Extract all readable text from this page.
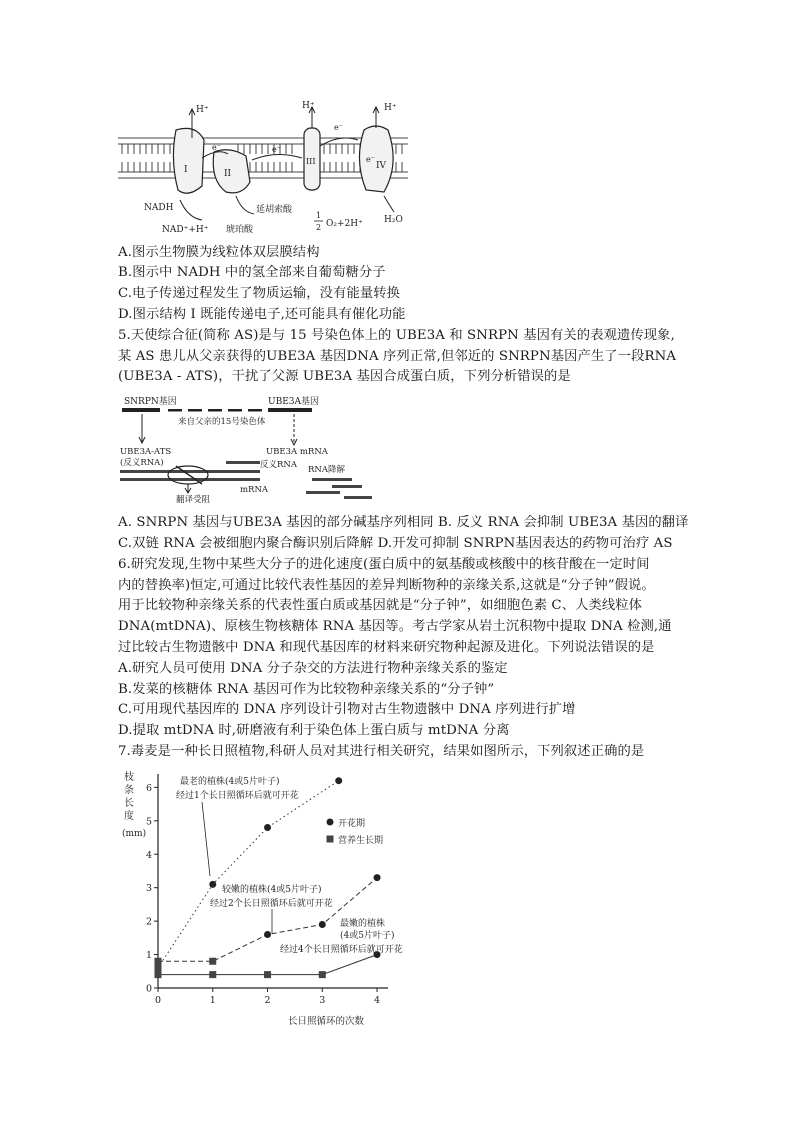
H⁺	H⁺	H⁺
e⁻	e⁻
e⁻
e⁻
I	II
III	IV
NADH
NAD⁺+H⁺
延胡索酸
琥珀酸
1
2 O₂+2H⁺ H₂O
A.图示生物膜为线粒体双层膜结构
B.图示中 NADH 中的氢全部来自葡萄糖分子
C.电子传递过程发生了物质运输，没有能量转换
D.图示结构 I 既能传递电子,还可能具有催化功能
5.天使综合征(简称 AS)是与 15 号染色体上的 UBE3A 和 SNRPN 基因有关的表观遗传现象,
某 AS 患儿从父亲获得的UBE3A 基因DNA 序列正常,但邻近的 SNRPN基因产生了一段RNA
(UBE3A - ATS)，干扰了父源 UBE3A 基因合成蛋白质，下列分析错误的是
SNRPN基因	UBE3A基因
来自父亲的15号染色体
UBE3A-ATS
(反义RNA)	反义RNA
mRNA
翻译受阻
UBE3A mRNA
RNA降解
A. SNRPN 基因与UBE3A 基因的部分碱基序列相同 B. 反义 RNA 会抑制 UBE3A 基因的翻译
C.双链 RNA 会被细胞内聚合酶识别后降解 D.开发可抑制 SNRPN基因表达的药物可治疗 AS
6.研究发现,生物中某些大分子的进化速度(蛋白质中的氨基酸或核酸中的核苷酸在一定时间
内的替换率)恒定,可通过比较代表性基因的差异判断物种的亲缘关系,这就是“分子钟”假说。
用于比较物种亲缘关系的代表性蛋白质或基因就是“分子钟”，如细胞色素 C、人类线粒体
DNA(mtDNA)、原核生物核糖体 RNA 基因等。考古学家从岩土沉积物中提取 DNA 检测,通
过比较古生物遗骸中 DNA 和现代基因库的材料来研究物种起源及进化。下列说法错误的是
A.研究人员可使用 DNA 分子杂交的方法进行物种亲缘关系的鉴定
B.发菜的核糖体 RNA 基因可作为比较物种亲缘关系的“分子钟”
C.可用现代基因库的 DNA 序列设计引物对古生物遗骸中 DNA 序列进行扩增
D.提取 mtDNA 时,研磨液有利于染色体上蛋白质与 mtDNA 分离
7.毒麦是一种长日照植物,科研人员对其进行相关研究，结果如图所示，下列叙述正确的是
枝
条
长
度
(mm)
0	1	2	3	4
0
1
2
3
4
5
6
开花期
营养生长期
最老的植株(4或5片叶子)
经过1个长日照循环后就可开花
较嫩的植株(4或5片叶子)
经过2个长日照循环后就可开花
最嫩的植株
(4或5片叶子)
经过4个长日照循环后就可开花
长日照循环的次数
